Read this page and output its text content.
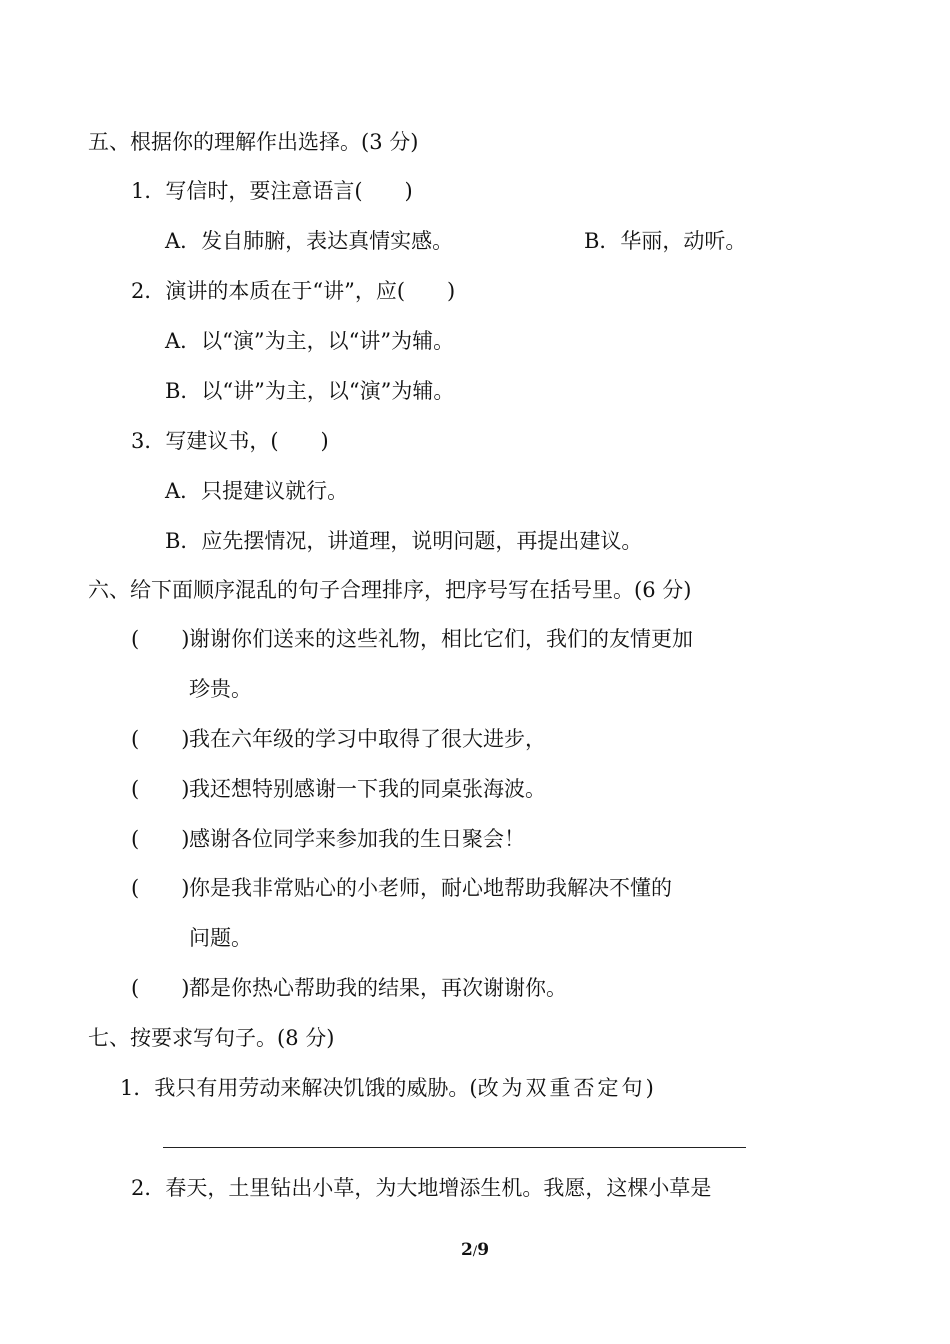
五、根据你的理解作出选择。(3 分)
1．写信时，要注意语言(　　)
A．发自肺腑，表达真情实感。	B．华丽，动听。
2．演讲的本质在于“讲”，应(　　)
A．以“演”为主，以“讲”为辅。
B．以“讲”为主，以“演”为辅。
3．写建议书，(　　)
A．只提建议就行。
B．应先摆情况，讲道理，说明问题，再提出建议。
六、给下面顺序混乱的句子合理排序，把序号写在括号里。(6 分)
(　　)谢谢你们送来的这些礼物，相比它们，我们的友情更加
珍贵。
(　　)我在六年级的学习中取得了很大进步，
(　　)我还想特别感谢一下我的同桌张海波。
(　　)感谢各位同学来参加我的生日聚会！
(　　)你是我非常贴心的小老师，耐心地帮助我解决不懂的
问题。
(　　)都是你热心帮助我的结果，再次谢谢你。
七、按要求写句子。(8 分)
1．我只有用劳动来解决饥饿的威胁。(改为双重否定句)
2．春天，土里钻出小草，为大地增添生机。我愿，这棵小草是
2/9
